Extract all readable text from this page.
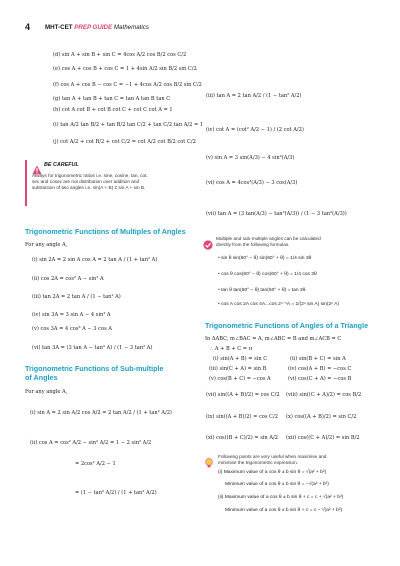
4 MHT-CET PREP GUIDE Mathematics
(d) sin A + sin B + sin C = 4cos A/2 cos B/2 cos C/2
(e) cos A + cos B + cos C = 1 + 4sin A/2 sin B/2 sin C/2
(f) cos A + cos B − cos C = −1 + 4cos A/2 cos B/2 sin C/2
(g) tan A + tan B + tan C = tan A tan B tan C
(h) cot A cot B + cot B cot C + cot C cot A = 1
(i) tan A/2 tan B/2 + tan B/2 tan C/2 + tan C/2 tan A/2 = 1
(j) cot A/2 + cot B/2 + cot C/2 = cot A/2 cot B/2 cot C/2
BE CAREFUL
Always for trigonometric ratios i.e. sine, cosine, tan, cot,
sec and cosec are not distribution over addition and
subtraction of two angles i.e. sin(A + B) ≠ sin A + sin B.
Trigonometric Functions of Multiples of Angles
For any angle A,
(i) sin 2A = 2 sin A cos A = 2 tan A / (1 + tan² A)
(ii) cos 2A = cos² A − sin² A
(iii) tan 2A = 2 tan A / (1 − tan² A)
(iv) sin 3A = 3 sin A − 4 sin³ A
(v) cos 3A = 4 cos³ A − 3 cos A
(vi) tan 3A = (3 tan A − tan³ A) / (1 − 3 tan² A)
Trigonometric Functions of Sub-multiple
of Angles
For any angle A,
(i) sin A = 2 sin A/2 cos A/2 = 2 tan A/2 / (1 + tan² A/2)
(ii) cos A = cos² A/2 − sin² A/2 = 1 − 2 sin² A/2
= 2cos² A/2 − 1
= (1 − tan² A/2) / (1 + tan² A/2)
(iii) tan A = 2 tan A/2 / (1 − tan² A/2)
(iv) cot A = (cot² A/2 − 1) / (2 cot A/2)
(v) sin A = 3 sin(A/3) − 4 sin³(A/3)
(vi) cos A = 4cos³(A/3) − 3 cos(A/3)
(vii) tan A = (3 tan(A/3) − tan³(A/3)) / (1 − 3 tan²(A/3))
Multiple and sub-multiple angles can be calculated
directly from the following formulas.
• sin θ sin(60° − θ) sin(60° + θ) = 1/4 sin 3θ
• cos θ cos(60° − θ) cos(60° + θ) = 1/4 cos 3θ
• tan θ tan(60° − θ) tan(60° + θ) = tan 3θ
• cos A cos 2A cos 4A...cos 2ⁿ⁻¹A = 1/(2ⁿ sin A) sin(2ⁿ A)
Trigonometric Functions of Angles of a Triangle
In ΔABC, m∠BAC = A, m∠ABC = B and m∠ACB = C
∴ A + B + C = π
(i) sin(A + B) = sin C	(ii) sin(B + C) = sin A
(iii) sin(C + A) = sin B	(iv) cos(A + B) = −cos C
(v) cos(B + C) = −cos A	(vi) cos(C + A) = −cos B
(vii) sin((A + B)/2) = cos C/2 (viii) sin((C + A)/2) = cos B/2
(ix) sin((A + B)/2) = cos C/2 (x) cos((A + B)/2) = sin C/2
(xi) cos((B + C)/2) = sin A/2 (xii) cos((C + A)/2) = sin B/2
Following points are very useful when maximise and
minimise the trigonometric expression.
(i) Maximum value of a cos θ ± b sin θ = √(a² + b²)
Minimum value of a cos θ ± b sin θ = −√(a² + b²)
(ii) Maximum value of a cos θ ± b sin θ + c = c + √(a² + b²)
Minimum value of a cos θ ± b sin θ + c = c − √(a² + b²)
